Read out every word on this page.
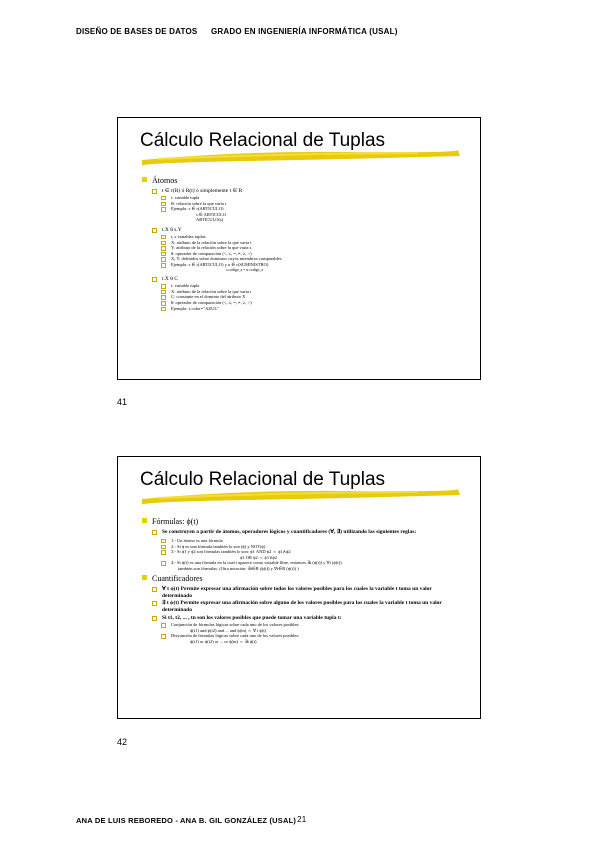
DISEÑO DE BASES DE DATOS GRADO EN INGENIERÍA INFORMÁTICA (USAL)
Cálculo Relacional de Tuplas
Átomos
t ∈ r(R) ó R(t) ó simplemente t ∈ R
t: variable tupla
R: relación sobre la que varía t
Ejemplo: s ∈ r(ARTICULO)
s ∈ ARTICULO
ARTICULO(s)
t.X θ s.Y
t, s variables tuplas
X: atributo de la relación sobre la que varía t
Y: atributo de la relación sobre la que varía s
θ: operador de comparación (<, ≤, =, ≠, ≥, >)
X, Y: definidos sobre dominios cuyos miembros comparables
Ejemplo: s ∈ r(ARTICULO) y u ∈ r(SUMINISTRO)
s.codigo_a = u.codigo_a
t.X θ C
t: variable tupla
X: atributo de la relación sobre la que varía t
C: constante en el dominio del atributo X
θ: operador de comparación (<, ≤, =, ≠, ≥, >)
Ejemplo: s.color="AZUL"
41
Cálculo Relacional de Tuplas
Fórmulas: ϕ(t)
Se construyen a partir de átomos, operadores lógicos y cuantificadores (∀, ∃) utilizando las siguientes reglas:
1.- Un átomo es una fórmula
2.- Si ϕ es una fórmula también lo son (ϕ) y NOT(ϕ)
3.- Si ϕ1 y ϕ2 son fórmulas también lo son: ϕ1 AND ϕ2 ⇔ ϕ1∧ϕ2
ϕ1 OR ϕ2 ⇔ ϕ1∨ϕ2
4.- Si ϕ(t) es una fórmula en la cual t aparece como variable libre, entonces ∃t (ϕ(t)) y ∀t (ϕ(t))
también son fórmulas. (Otra notación: ∃t∈R (ϕ(t)) y ∀t∈R (ϕ(t)) )
Cuantificadores
∀ t ϕ(t) Permite expresar una afirmación sobre todos los valores posibles para los cuales la variable t toma un valor determinado
∃ t ϕ(t) Permite expresar una afirmación sobre alguno de los valores posibles para los cuales la variable t toma un valor determinado
Si t1, t2, ... , tn son los valores posibles que puede tomar una variable tupla t:
Conjunción de fórmulas lógicas sobre cada uno de los valores posibles:
ϕ(t1) and ϕ(t2) and ... and ϕ(tn) ⇔ ∀ t ϕ(t)
Disyunción de fórmulas lógicas sobre cada uno de los valores posibles:
ϕ(t1) or ϕ(t2) or ... or ϕ(tn) ⇔ ∃t ϕ(t)
42
ANA DE LUIS REBOREDO - ANA B. GIL GONZÁLEZ (USAL)21
